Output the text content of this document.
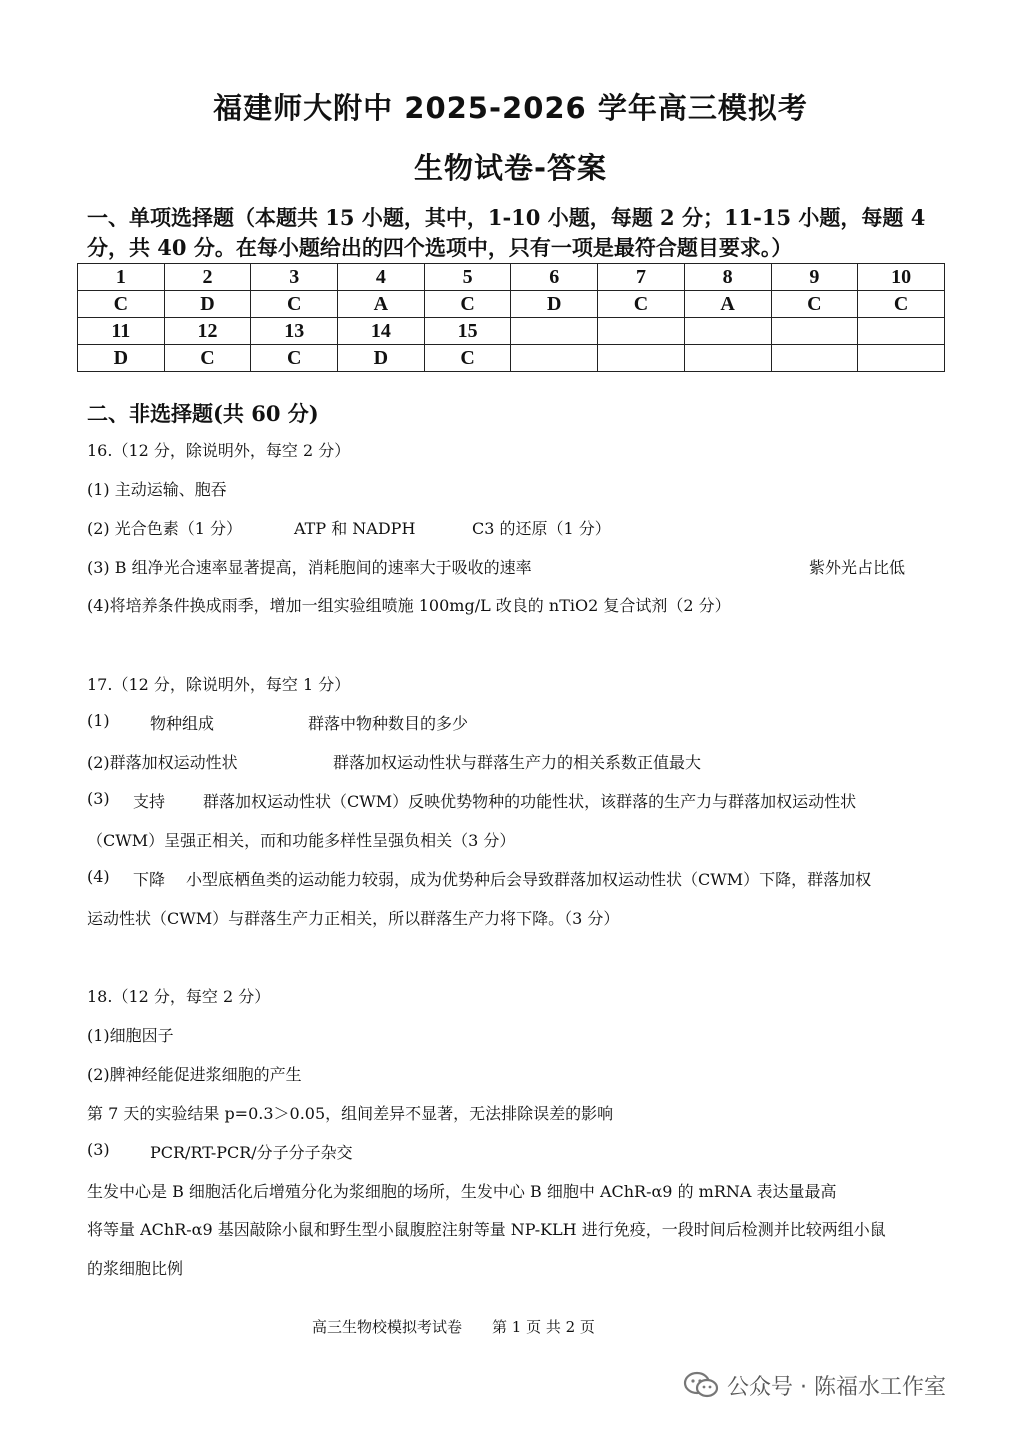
福建师大附中 2025-2026 学年高三模拟考
生物试卷-答案
一、单项选择题（本题共 15 小题，其中，1-10 小题，每题 2 分；11-15 小题，每题 4 分，共 40 分。在每小题给出的四个选项中，只有一项是最符合题目要求。）
1	2	3	4	5	6	7	8	9	10
C	D	C	A	C	D	C	A	C	C
11	12	13	14	15					
D	C	C	D	C					
二、非选择题(共 60 分)
16.（12 分，除说明外，每空 2 分）
(1) 主动运输、胞吞
(2) 光合色素（1 分）	ATP 和 NADPH	C3 的还原（1 分）
(3) B 组净光合速率显著提高，消耗胞间的速率大于吸收的速率	紫外光占比低
(4)将培养条件换成雨季，增加一组实验组喷施 100mg/L 改良的 nTiO2 复合试剂（2 分）
17.（12 分，除说明外，每空 1 分）
(1)	物种组成	群落中物种数目的多少
(2)群落加权运动性状	群落加权运动性状与群落生产力的相关系数正值最大
(3) 支持 群落加权运动性状（CWM）反映优势物种的功能性状，该群落的生产力与群落加权运动性状
（CWM）呈强正相关，而和功能多样性呈强负相关（3 分）
(4) 下降 小型底栖鱼类的运动能力较弱，成为优势种后会导致群落加权运动性状（CWM）下降，群落加权
运动性状（CWM）与群落生产力正相关，所以群落生产力将下降。（3 分）
18.（12 分，每空 2 分）
(1)细胞因子
(2)脾神经能促进浆细胞的产生
第 7 天的实验结果 p=0.3＞0.05，组间差异不显著，无法排除误差的影响
(3)	PCR/RT-PCR/分子分子杂交
生发中心是 B 细胞活化后增殖分化为浆细胞的场所，生发中心 B 细胞中 AChR-α9 的 mRNA 表达量最高
将等量 AChR-α9 基因敲除小鼠和野生型小鼠腹腔注射等量 NP-KLH 进行免疫，一段时间后检测并比较两组小鼠
的浆细胞比例
高三生物校模拟考试卷　　第 1 页 共 2 页
公众号 · 陈福水工作室
